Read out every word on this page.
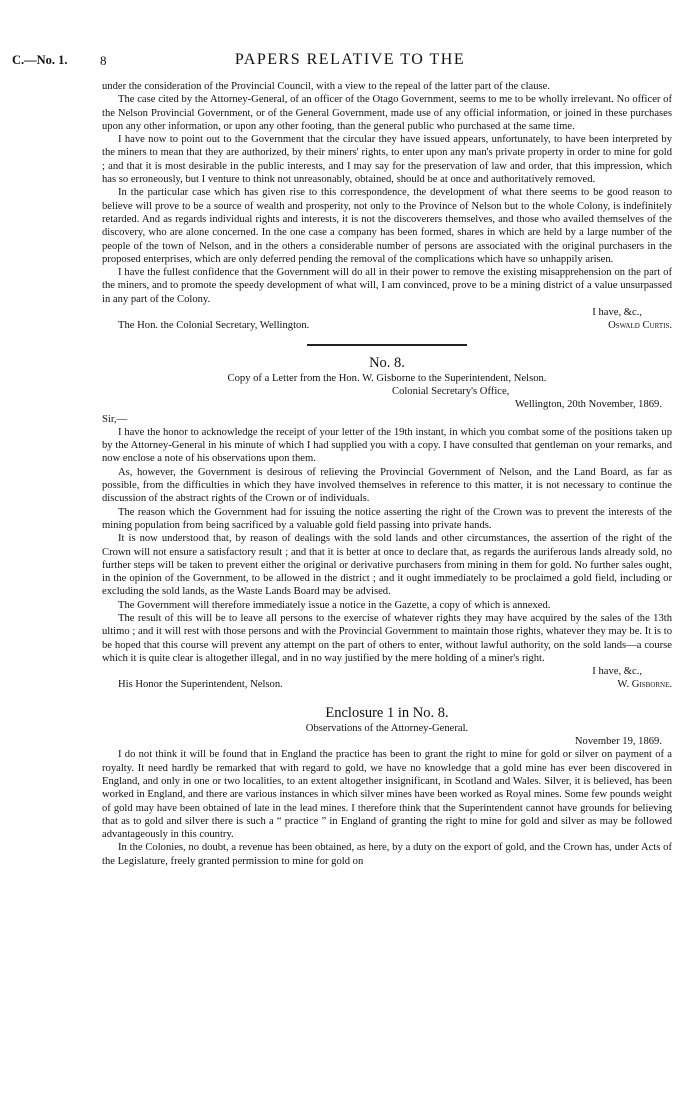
C.—No. 1. 8	PAPERS RELATIVE TO THE

under the consideration of the Provincial Council, with a view to the repeal of the latter part of the clause.

The case cited by the Attorney-General, of an officer of the Otago Government, seems to me to be wholly irrelevant. No officer of the Nelson Provincial Government, or of the General Government, made use of any official information, or joined in these purchases upon any other information, or upon any other footing, than the general public who purchased at the same time.

I have now to point out to the Government that the circular they have issued appears, unfortunately, to have been interpreted by the miners to mean that they are authorized, by their miners' rights, to enter upon any man's private property in order to mine for gold ; and that it is most desirable in the public interests, and I may say for the preservation of law and order, that this impression, which has so erroneously, but I venture to think not unreasonably, obtained, should be at once and authoritatively removed.

In the particular case which has given rise to this correspondence, the development of what there seems to be good reason to believe will prove to be a source of wealth and prosperity, not only to the Province of Nelson but to the whole Colony, is indefinitely retarded. And as regards individual rights and interests, it is not the discoverers themselves, and those who availed themselves of the discovery, who are alone concerned. In the one case a company has been formed, shares in which are held by a large number of the people of the town of Nelson, and in the others a considerable number of persons are associated with the original purchasers in the proposed enterprises, which are only deferred pending the removal of the complications which have so unhappily arisen.

I have the fullest confidence that the Government will do all in their power to remove the existing misapprehension on the part of the miners, and to promote the speedy development of what will, I am convinced, prove to be a mining district of a value unsurpassed in any part of the Colony.

I have, &c.,
The Hon. the Colonial Secretary, Wellington.	Oswald Curtis.
No. 8.
Copy of a Letter from the Hon. W. Gisborne to the Superintendent, Nelson.
Colonial Secretary's Office,
Wellington, 20th November, 1869.
Sir,—

I have the honor to acknowledge the receipt of your letter of the 19th instant, in which you combat some of the positions taken up by the Attorney-General in his minute of which I had supplied you with a copy. I have consulted that gentleman on your remarks, and now enclose a note of his observations upon them.

As, however, the Government is desirous of relieving the Provincial Government of Nelson, and the Land Board, as far as possible, from the difficulties in which they have involved themselves in reference to this matter, it is not necessary to continue the discussion of the abstract rights of the Crown or of individuals.

The reason which the Government had for issuing the notice asserting the right of the Crown was to prevent the interests of the mining population from being sacrificed by a valuable gold field passing into private hands.

It is now understood that, by reason of dealings with the sold lands and other circumstances, the assertion of the right of the Crown will not ensure a satisfactory result ; and that it is better at once to declare that, as regards the auriferous lands already sold, no further steps will be taken to prevent either the original or derivative purchasers from mining in them for gold. No further sales ought, in the opinion of the Government, to be allowed in the district ; and it ought immediately to be proclaimed a gold field, including or excluding the sold lands, as the Waste Lands Board may be advised.

The Government will therefore immediately issue a notice in the Gazette, a copy of which is annexed.

The result of this will be to leave all persons to the exercise of whatever rights they may have acquired by the sales of the 13th ultimo ; and it will rest with those persons and with the Provincial Government to maintain those rights, whatever they may be. It is to be hoped that this course will prevent any attempt on the part of others to enter, without lawful authority, on the sold lands—a course which it is quite clear is altogether illegal, and in no way justified by the mere holding of a miner's right.

I have, &c.,
His Honor the Superintendent, Nelson.	W. Gisborne.
Enclosure 1 in No. 8.
Observations of the Attorney-General.
November 19, 1869.

I do not think it will be found that in England the practice has been to grant the right to mine for gold or silver on payment of a royalty. It need hardly be remarked that with regard to gold, we have no knowledge that a gold mine has ever been discovered in England, and only in one or two localities, to an extent altogether insignificant, in Scotland and Wales. Silver, it is believed, has been worked in England, and there are various instances in which silver mines have been worked as Royal mines. Some few pounds weight of gold may have been obtained of late in the lead mines. I therefore think that the Superintendent cannot have grounds for believing that as to gold and silver there is such a “ practice ” in England of granting the right to mine for gold and silver as may be followed advantageously in this country.

In the Colonies, no doubt, a revenue has been obtained, as here, by a duty on the export of gold, and the Crown has, under Acts of the Legislature, freely granted permission to mine for gold on
